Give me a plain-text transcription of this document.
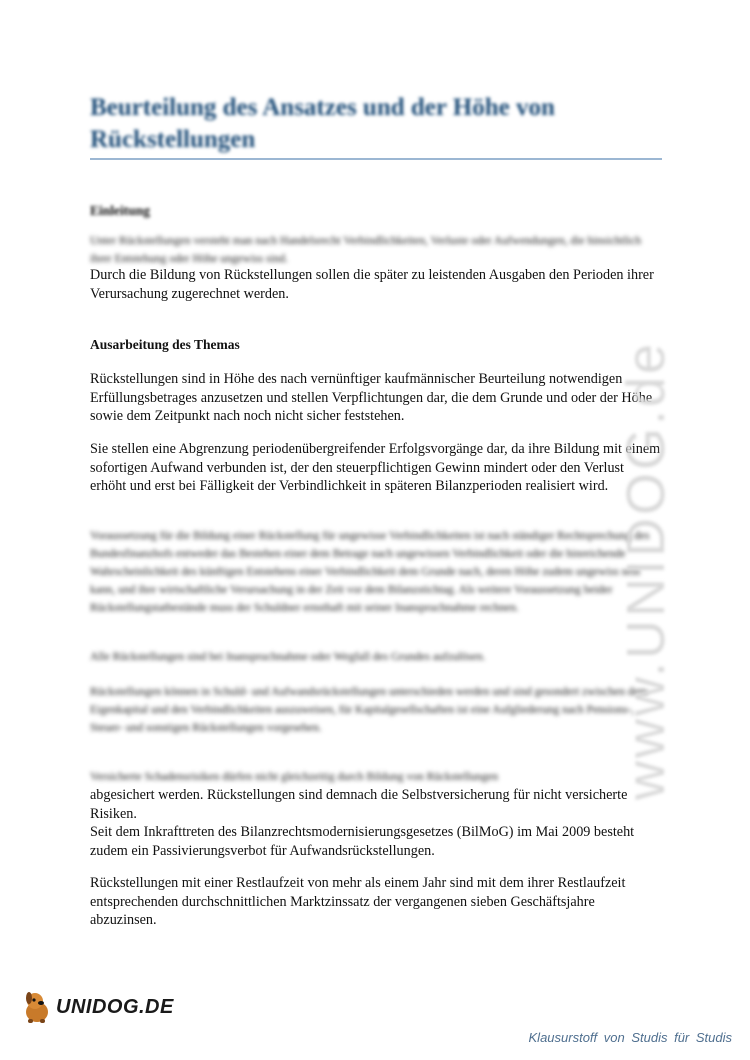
Beurteilung des Ansatzes und der Höhe von Rückstellungen
Einleitung
Unter Rückstellungen versteht man nach Handelsrecht Verbindlichkeiten, Verluste oder Aufwendungen, die hinsichtlich ihrer Entstehung oder Höhe ungewiss sind.
Durch die Bildung von Rückstellungen sollen die später zu leistenden Ausgaben den Perioden ihrer Verursachung zugerechnet werden.
Ausarbeitung des Themas
Rückstellungen sind in Höhe des nach vernünftiger kaufmännischer Beurteilung notwendigen Erfüllungsbetrages anzusetzen und stellen Verpflichtungen dar, die dem Grunde und oder der Höhe sowie dem Zeitpunkt nach noch nicht sicher feststehen.
Sie stellen eine Abgrenzung periodenübergreifender Erfolgsvorgänge dar, da ihre Bildung mit einem sofortigen Aufwand verbunden ist, der den steuerpflichtigen Gewinn mindert oder den Verlust erhöht und erst bei Fälligkeit der Verbindlichkeit in späteren Bilanzperioden realisiert wird.
Voraussetzung für die Bildung einer Rückstellung für ungewisse Verbindlichkeiten ist nach ständiger Rechtsprechung des Bundesfinanzhofs entweder das Bestehen einer dem Betrage nach ungewissen Verbindlichkeit oder die hinreichende Wahrscheinlichkeit des künftigen Entstehens einer Verbindlichkeit dem Grunde nach, deren Höhe zudem ungewiss sein kann, und ihre wirtschaftliche Verursachung in der Zeit vor dem Bilanzstichtag. Als weitere Voraussetzung beider Rückstellungstatbestände muss der Schuldner ernsthaft mit seiner Inanspruchnahme rechnen.
Alle Rückstellungen sind bei Inanspruchnahme oder Wegfall des Grundes aufzulösen.
Rückstellungen können in Schuld- und Aufwandsrückstellungen unterschieden werden und sind gesondert zwischen dem Eigenkapital und den Verbindlichkeiten auszuweisen, für Kapitalgesellschaften ist eine Aufgliederung nach Pensions-, Steuer- und sonstigen Rückstellungen vorgesehen.
Versicherte Schadensrisiken dürfen nicht gleichzeitig durch Bildung von Rückstellungen
abgesichert werden. Rückstellungen sind demnach die Selbstversicherung für nicht versicherte Risiken.
Seit dem Inkrafttreten des Bilanzrechtsmodernisierungsgesetzes (BilMoG) im Mai 2009 besteht zudem ein Passivierungsverbot für Aufwandsrückstellungen.
Rückstellungen mit einer Restlaufzeit von mehr als einem Jahr sind mit dem ihrer Restlaufzeit entsprechenden durchschnittlichen Marktzinssatz der vergangenen sieben Geschäftsjahre abzuzinsen.
www.UNIDOG.de
UNIDOG.DE
Klausurstoff von Studis für Studis
